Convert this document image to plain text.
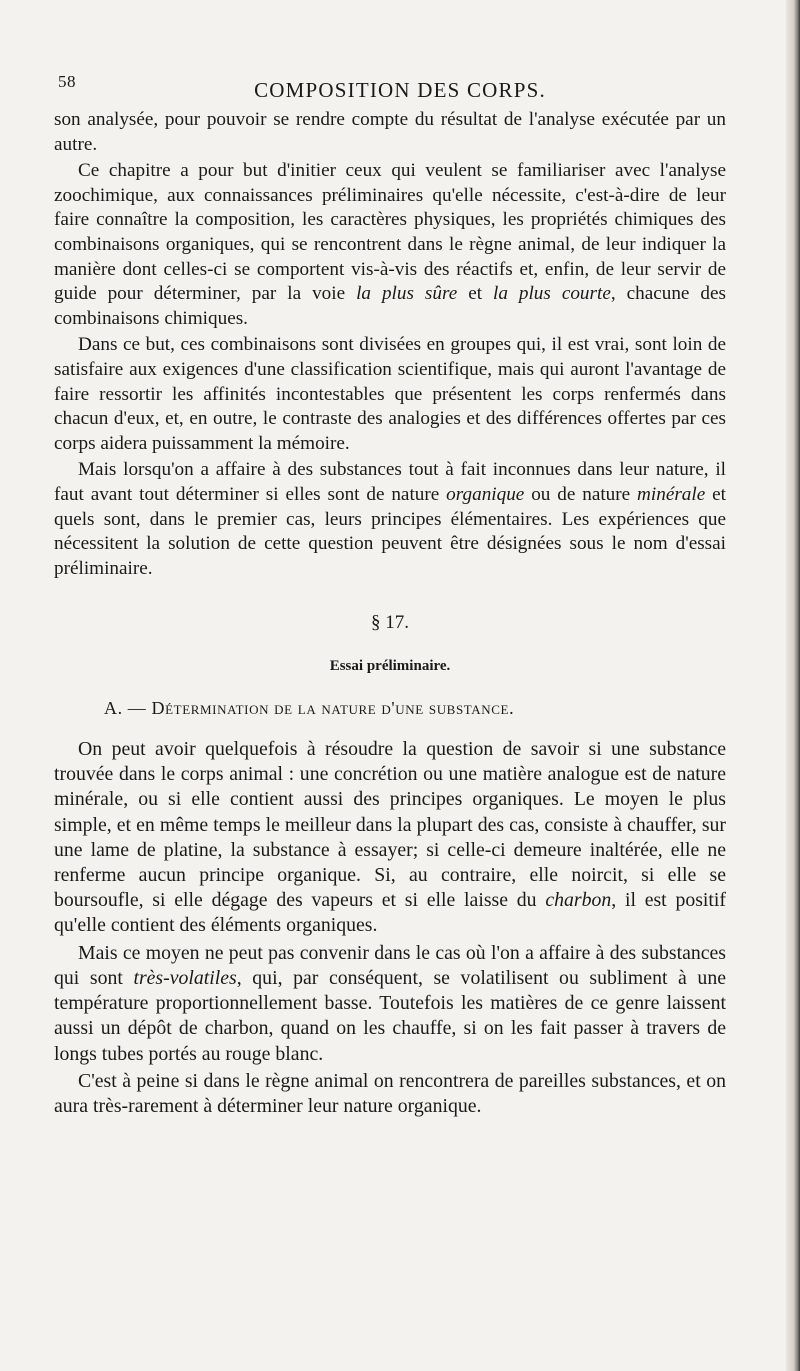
58	COMPOSITION DES CORPS.

son analysée, pour pouvoir se rendre compte du résultat de l'analyse exécutée par un autre.

Ce chapitre a pour but d'initier ceux qui veulent se familiariser avec l'analyse zoochimique, aux connaissances préliminaires qu'elle nécessite, c'est-à-dire de leur faire connaître la composition, les caractères physiques, les propriétés chimiques des combinaisons organiques, qui se rencontrent dans le règne animal, de leur indiquer la manière dont celles-ci se comportent vis-à-vis des réactifs et, enfin, de leur servir de guide pour déterminer, par la voie la plus sûre et la plus courte, chacune des combinaisons chimiques.

Dans ce but, ces combinaisons sont divisées en groupes qui, il est vrai, sont loin de satisfaire aux exigences d'une classification scientifique, mais qui auront l'avantage de faire ressortir les affinités incontestables que présentent les corps renfermés dans chacun d'eux, et, en outre, le contraste des analogies et des différences offertes par ces corps aidera puissamment la mémoire.

Mais lorsqu'on a affaire à des substances tout à fait inconnues dans leur nature, il faut avant tout déterminer si elles sont de nature organique ou de nature minérale et quels sont, dans le premier cas, leurs principes élémentaires. Les expériences que nécessitent la solution de cette question peuvent être désignées sous le nom d'essai préliminaire.

§ 17.
Essai préliminaire.
A. — Détermination de la nature d'une substance.

On peut avoir quelquefois à résoudre la question de savoir si une substance trouvée dans le corps animal : une concrétion ou une matière analogue est de nature minérale, ou si elle contient aussi des principes organiques. Le moyen le plus simple, et en même temps le meilleur dans la plupart des cas, consiste à chauffer, sur une lame de platine, la substance à essayer; si celle-ci demeure inaltérée, elle ne renferme aucun principe organique. Si, au contraire, elle noircit, si elle se boursoufle, si elle dégage des vapeurs et si elle laisse du charbon, il est positif qu'elle contient des éléments organiques.

Mais ce moyen ne peut pas convenir dans le cas où l'on a affaire à des substances qui sont très-volatiles, qui, par conséquent, se volatilisent ou subliment à une température proportionnellement basse. Toutefois les matières de ce genre laissent aussi un dépôt de charbon, quand on les chauffe, si on les fait passer à travers de longs tubes portés au rouge blanc.

C'est à peine si dans le règne animal on rencontrera de pareilles substances, et on aura très-rarement à déterminer leur nature organique.
